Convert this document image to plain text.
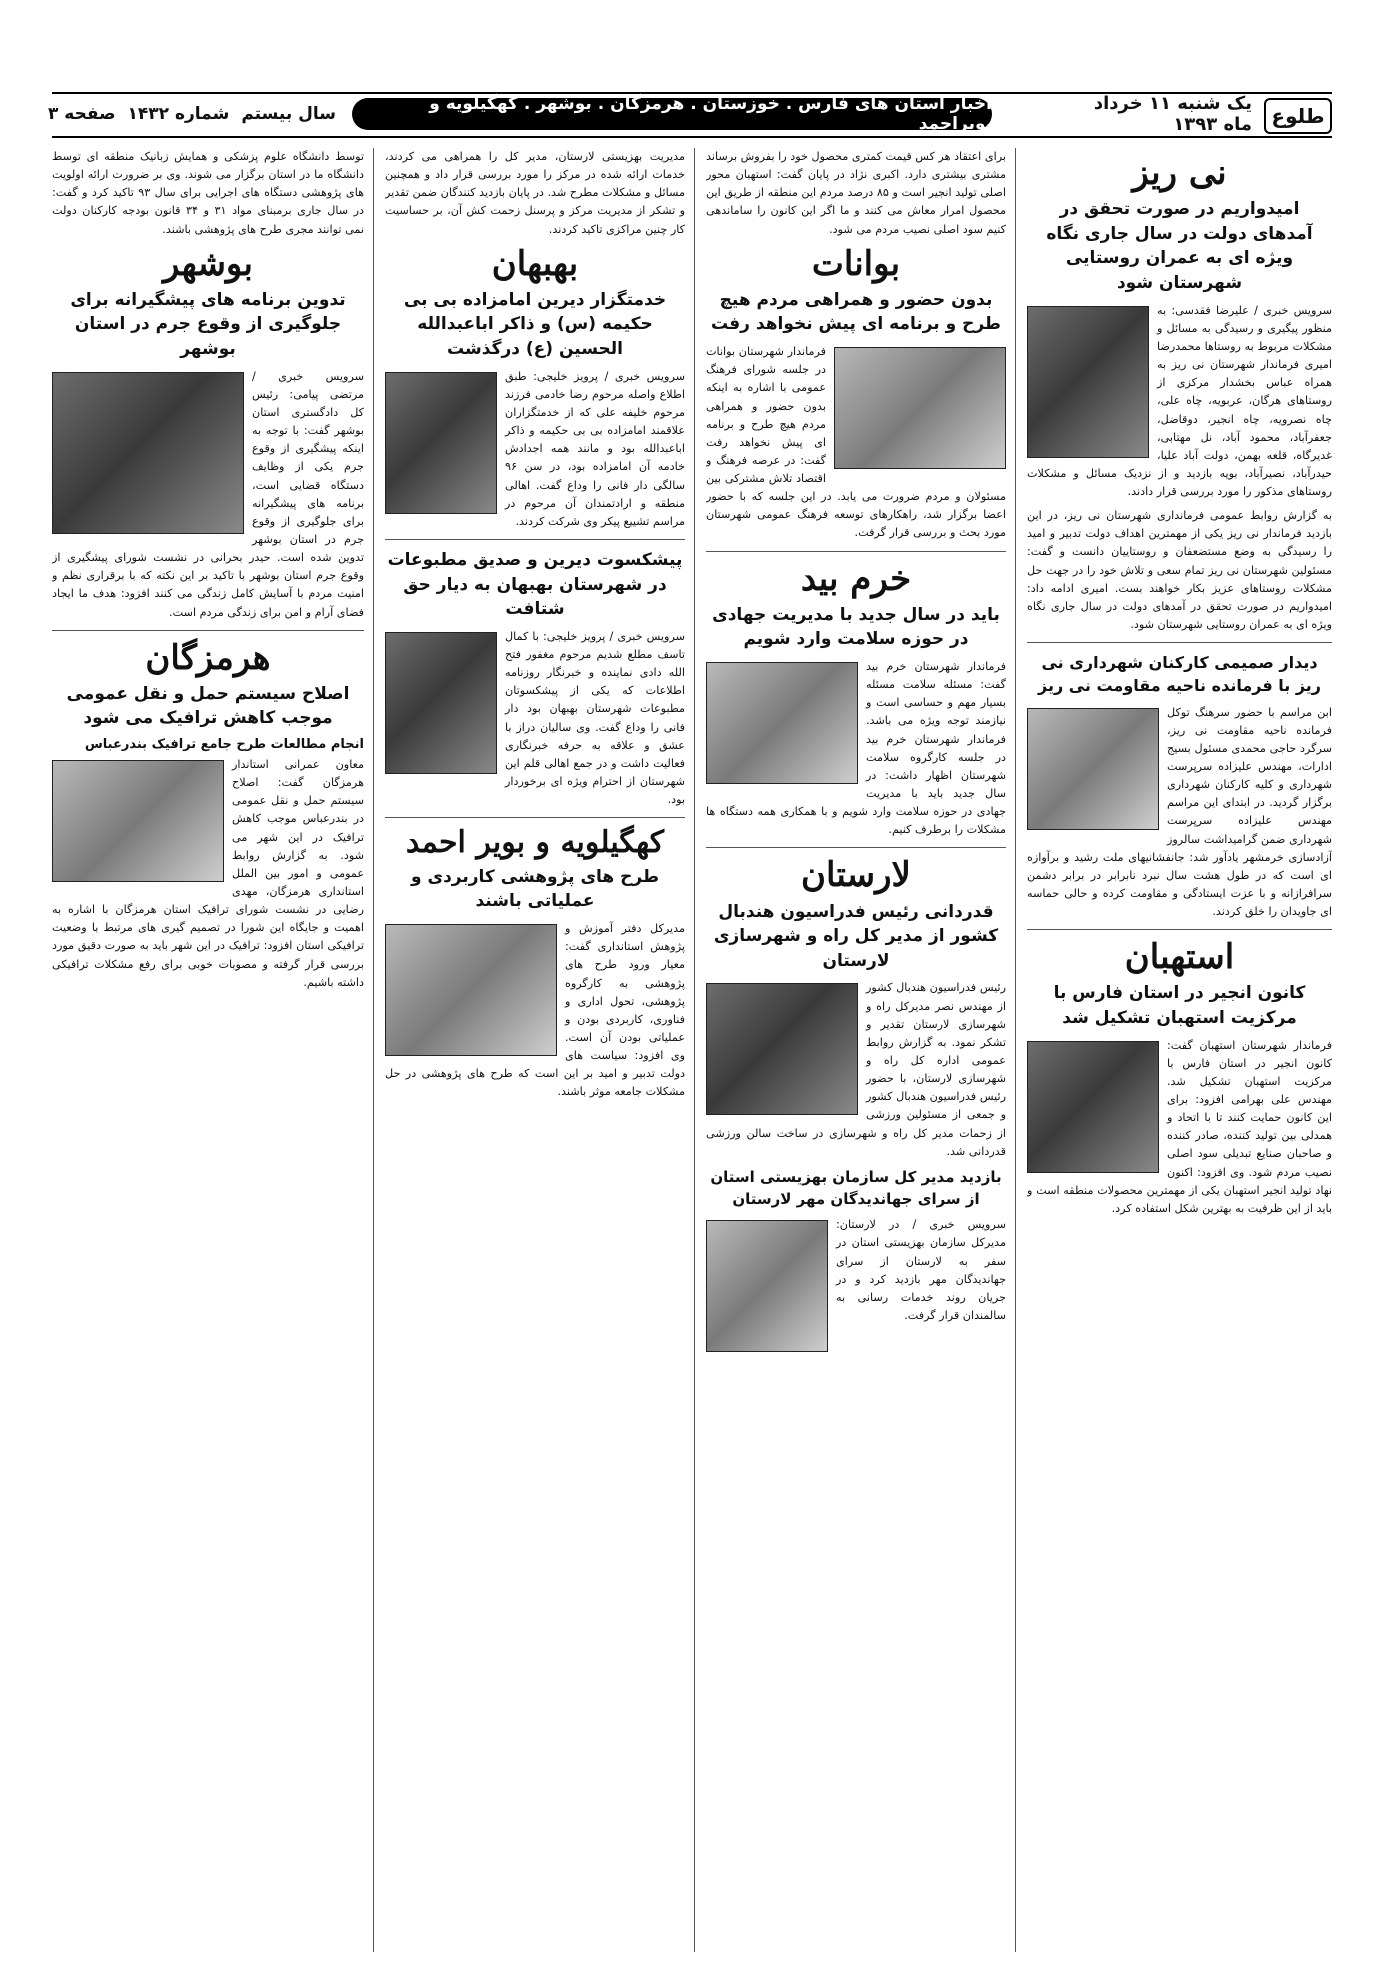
طلوع
یک شنبه ۱۱ خرداد ماه ۱۳۹۳
اخبار استان های فارس . خوزستان . هرمزگان . بوشهر . کهگیلویه و بویراحمد
سال بیستم
شماره ۱۴۳۲
صفحه ۳
نی ریز
امیدواریم در صورت تحقق در آمدهای دولت در سال جاری نگاه ویژه ای به عمران روستایی شهرستان شود

سرویس خبری / علیرضا فقدسی: به منظور پیگیری و رسیدگی به مسائل و مشکلات مربوط به روستاها محمدرضا امیری فرماندار شهرستان نی ریز به همراه عباس بخشدار مرکزی از روستاهای هرگان، عربویه، چاه علی، چاه نصرویه، چاه انجیر، دوقاضل، جعفرآباد، محمود آباد، نل مهتابی، غدیرگاه، قلعه بهمن، دولت آباد علیا، حیدرآباد، نصیرآباد، بویه بازدید و از نزدیک مسائل و مشکلات روستاهای مذکور را مورد بررسی قرار دادند.

به گزارش روابط عمومی فرمانداری شهرستان نی ریز، در این بازدید فرماندار نی ریز یکی از مهمترین اهداف دولت تدبیر و امید را رسیدگی به وضع مستضعفان و روستاییان دانست و گفت: مسئولین شهرستان نی ریز تمام سعی و تلاش خود را در جهت حل مشکلات روستاهای عزیز بکار خواهند بست. امیری ادامه داد: امیدواریم در صورت تحقق در آمدهای دولت در سال جاری نگاه ویژه ای به عمران روستایی شهرستان شود.

دیدار صمیمی کارکنان شهرداری نی ریز با فرمانده ناحیه مقاومت نی ریز

ابن مراسم با حضور سرهنگ توکل فرمانده ناحیه مقاومت نی ریز، سرگرد حاجی محمدی مسئول بسیج ادارات، مهندس علیزاده سرپرست شهرداری و کلیه کارکنان شهرداری برگزار گردید. در ابتدای این مراسم مهندس علیزاده سرپرست شهرداری ضمن گرامیداشت سالروز آزادسازی خرمشهر یادآور شد: جانفشانیهای ملت رشید و برآوازه ای است که در طول هشت سال نبرد نابرابر در برابر دشمن سرافرازانه و با عزت ایستادگی و مقاومت کرده و حالی حماسه ای جاویدان را خلق کردند.

استهبان
کانون انجیر در استان فارس با مرکزیت استهبان تشکیل شد

فرماندار شهرستان استهبان گفت: کانون انجیر در استان فارس با مرکزیت استهبان تشکیل شد. مهندس علی بهرامی افزود: برای این کانون حمایت کنند تا با اتحاد و همدلی بین تولید کننده، صادر کننده و صاحبان صنایع تبدیلی سود اصلی نصیب مردم شود. وی افزود: اکنون نهاد تولید انجیر استهبان یکی از مهمترین محصولات منطقه است و باید از این ظرفیت به بهترین شکل استفاده کرد.

برای اعتقاد هر کس قیمت کمتری محصول خود را بفروش برساند مشتری بیشتری دارد. اکبری نژاد در پایان گفت: استهبان محور اصلی تولید انجیر است و ۸۵ درصد مردم این منطقه از طریق این محصول امرار معاش می کنند و ما اگر این کانون را ساماندهی کنیم سود اصلی نصیب مردم می شود.

بوانات
بدون حضور و همراهی مردم هیچ طرح و برنامه ای پیش نخواهد رفت

فرماندار شهرستان بوانات در جلسه شورای فرهنگ عمومی با اشاره به اینکه بدون حضور و همراهی مردم هیچ طرح و برنامه ای پیش نخواهد رفت گفت: در عرصه فرهنگ و اقتصاد تلاش مشترکی بین مسئولان و مردم ضرورت می یابد. در این جلسه که با حضور اعضا برگزار شد، راهکارهای توسعه فرهنگ عمومی شهرستان مورد بحث و بررسی قرار گرفت.

خرم بید
باید در سال جدید با مدیریت جهادی در حوزه سلامت وارد شویم

فرماندار شهرستان خرم بید گفت: مسئله سلامت مسئله بسیار مهم و حساسی است و نیازمند توجه ویژه می باشد. فرماندار شهرستان خرم بید در جلسه کارگروه سلامت شهرستان اظهار داشت: در سال جدید باید با مدیریت جهادی در حوزه سلامت وارد شویم و با همکاری همه دستگاه ها مشکلات را برطرف کنیم.

لارستان
قدردانی رئیس فدراسیون هندبال کشور از مدیر کل راه و شهرسازی لارستان

رئیس فدراسیون هندبال کشور از مهندس نصر مدیرکل راه و شهرسازی لارستان تقدیر و تشکر نمود. به گزارش روابط عمومی اداره کل راه و شهرسازی لارستان، با حضور رئیس فدراسیون هندبال کشور و جمعی از مسئولین ورزشی از زحمات مدیر کل راه و شهرسازی در ساخت سالن ورزشی قدردانی شد.

بازدید مدیر کل سازمان بهزیستی استان از سرای جهاندیدگان مهر لارستان

سرویس خبری / در لارستان: مدیرکل سازمان بهزیستی استان در سفر به لارستان از سرای جهاندیدگان مهر بازدید کرد و در جریان روند خدمات رسانی به سالمندان قرار گرفت.

مدیریت بهزیستی لارستان، مدیر کل را همراهی می کردند، خدمات ارائه شده در مرکز را مورد بررسی قرار داد و همچنین مسائل و مشکلات مطرح شد. در پایان بازدید کنندگان ضمن تقدیر و تشکر از مدیریت مرکز و پرسنل زحمت کش آن، بر حساسیت کار چنین مراکزی تاکید کردند.

بهبهان
خدمتگزار دیرین امامزاده بی بی حکیمه (س) و ذاکر اباعبدالله الحسین (ع) درگذشت

سرویس خبری / پرویز خلیجی: طبق اطلاع واصله مرحوم رضا خادمی فرزند مرحوم خلیفه علی که از خدمتگزاران علاقمند امامزاده بی بی حکیمه و ذاکر اباعبدالله بود و مانند همه اجدادش خادمه آن امامزاده بود، در سن ۹۶ سالگی دار فانی را وداع گفت. اهالی منطقه و ارادتمندان آن مرحوم در مراسم تشییع پیکر وی شرکت کردند.

پیشکسوت دیرین و صدیق مطبوعات در شهرستان بهبهان به دیار حق شتافت

سرویس خبری / پرویز خلیجی: با کمال تاسف مطلع شدیم مرحوم مغفور فتح الله دادی نماینده و خبرنگار روزنامه اطلاعات که یکی از پیشکسوتان مطبوعات شهرستان بهبهان بود دار فانی را وداع گفت. وی سالیان دراز با عشق و علاقه به حرفه خبرنگاری فعالیت داشت و در جمع اهالی قلم این شهرستان از احترام ویژه ای برخوردار بود.

کهگیلویه و بویر احمد
طرح های پژوهشی کاربردی و عملیاتی باشند

مدیرکل دفتر آموزش و پژوهش استانداری گفت: معیار ورود طرح های پژوهشی به کارگروه پژوهشی، تحول اداری و فناوری، کاربردی بودن و عملیاتی بودن آن است. وی افزود: سیاست های دولت تدبیر و امید بر این است که طرح های پژوهشی در حل مشکلات جامعه موثر باشند.

توسط دانشگاه علوم پزشکی و همایش زبانیک منطقه ای توسط دانشگاه ما در استان برگزار می شوند. وی بر ضرورت ارائه اولویت های پژوهشی دستگاه های اجرایی برای سال ۹۳ تاکید کرد و گفت: در سال جاری برمبنای مواد ۳۱ و ۳۴ قانون بودجه کارکنان دولت نمی توانند مجری طرح های پژوهشی باشند.

بوشهر
تدوین برنامه های پیشگیرانه برای جلوگیری از وقوع جرم در استان بوشهر

سرویس خبری / مرتضی پیامی: رئیس کل دادگستری استان بوشهر گفت: با توجه به اینکه پیشگیری از وقوع جرم یکی از وظایف دستگاه قضایی است، برنامه های پیشگیرانه برای جلوگیری از وقوع جرم در استان بوشهر تدوین شده است. حیدر بحرانی در نشست شورای پیشگیری از وقوع جرم استان بوشهر با تاکید بر این نکته که با برقراری نظم و امنیت مردم با آسایش کامل زندگی می کنند افزود: هدف ما ایجاد فضای آرام و امن برای زندگی مردم است.

هرمزگان
اصلاح سیستم حمل و نقل عمومی موجب کاهش ترافیک می شود
انجام مطالعات طرح جامع ترافیک بندرعباس

معاون عمرانی استاندار هرمزگان گفت: اصلاح سیستم حمل و نقل عمومی در بندرعباس موجب کاهش ترافیک در این شهر می شود. به گزارش روابط عمومی و امور بین الملل استانداری هرمزگان، مهدی رضایی در نشست شورای ترافیک استان هرمزگان با اشاره به اهمیت و جایگاه این شورا در تصمیم گیری های مرتبط با وضعیت ترافیکی استان افزود: ترافیک در این شهر باید به صورت دقیق مورد بررسی قرار گرفته و مصوبات خوبی برای رفع مشکلات ترافیکی داشته باشیم.
